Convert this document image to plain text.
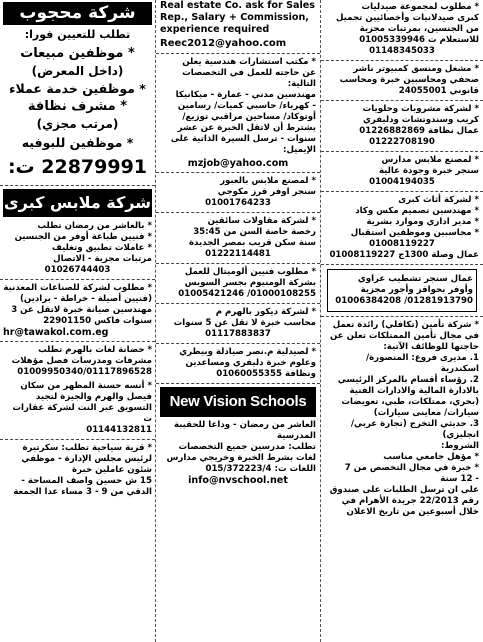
شركة محجوب
تطلب للتعيين فورا:
* موظفين مبيعات
(داخل المعرض)
* موظفين خدمة عملاء
* مشرف نظافة
(مرتب مجزي)
* موظفين للبوفيه
22879991 ت:
شركة ملابس كبرى

* بالعاشر من رمضان تطلب

* فنيين طباعة أوفر من الجنسين

* عاملات تطبيق وتغليف

مرتبات مجزية - الاتصال

01026744403

* مطلوب لشركة للصناعات المعدنية

(فنيين أصيلة - خراطة - برادين)

مهندسين صيانة خبرة لاتقل عن 3

سنوات فاكس 22901150

hr@tawakol.com.eg

* حضانة لغات بالهرم تطلب

مشرفات ومدرسات فصل مؤهلات

01009950340/01117896528

* أنسه حسنة المظهر من سكان

فيصل والهرم والجيزة لتجيد

التسويق عبر النت لشركة عقارات ت

01144132811

* قرية سياحية تطلب: سكرتيرة

لرئيس مجلس الإدارة - موظفي

شئون عاملين خبرة

15 ش حسين واصف المساحة -

الدقي من 9 - 3 مساء عدا الجمعة

Real estate Co. ask for Sales

Rep., Salary + Commission,

experience required

Reec2012@yahoo.com

* مكتب استشارات هندسية يعلن

عن حاجته للعمل في التخصصات

التالية:

مهندسين مدني - عمارة - ميكانيكا

- كهرباء/ حاسبي كميات/ رسامين

أوتوكاد/ مساحين مراقبي توزيع/

يشترط أن لاتقل الخبرة عن عشر

سنوات - ترسل السيرة الذاتية على

الإيميل:

mzjob@yahoo.com

* لمصنع ملابس بالعبور

سنجر اوفر قرز مكوجي

01001764233

* لشركة مقاولات سائقين

رخصة خاصة السن من 35:45

سنة سكن قريب بمصر الجديدة

01222114481

* مطلوب فنيين ألوميتال للعمل

بشركة الومنيوم بجسر السويس

01000108255/ 01005421246

* لشركة ديكور بالهرم م

محاسب خبرة لا تقل عن 5 سنوات

01117883837

* لصيدلية م.نصر صيادلة وبيطري

وعلوم خبرة دليفري ومساعدين

ونظافة 01060055355

New Vision Schools

العاشر من رمضان - وداعا للحقيبة

المدرسية

تطلب: مدرسين جميع التخصصات

لغات بشرط الخبرة وخريجي مدارس

اللغات ت: 015/372223/4

info@nvschool.net

* مطلوب لمجموعة صيدليات

كبرى صيدلانيات وأخصائيين تجميل

من الجنسين، بمرتبات مجزية

للاستعلام ت 01005339946

01148345033

* مشغل ومنسق كمبيوتر ناشر

صحفي ومحاسبين خبرة ومحاسب

قانوني 24055001

* لشركة مشروبات وحلويات

كريب وسندوتشات ودليفري

عمال نظافة 01226882869

01222708190

* لمصنع ملابس مدارس

سنجر خبرة وجودة عالية

01004194035

* لشركة أثاث كبرى

* مهندسين تصميم مكس وكاد

* مدير اداري وموارد بشرية

* محاسبين وموظفين استقبال

01008119227

عمال وصلة 1300ج 01008119227

عمال سنجر تشطيب عراوي

وأوفر بحوافز وأجور مجزية

01281913790/ 01006384208

* شركة تأمين (تكافلي) رائدة تعمل

في مجال تأمين الممتلكات تعلن عن

حاجتها للوظائف الآتية:

1. مديرى فروع: المنصورة/ اسكندرية

2. رؤساء أقسام بالمركز الرئيسي

بالادارة المالية والادارات الفنية

(بحري، ممتلكات، طبي، تعويضات

سيارات/ معاينى سيارات)

3. حديثي التخرج (تجارة عربي/ انجليزي)

الشروط:

* مؤهل جامعي مناسب

* خبرة في مجال التخصص من 7

- 12 سنة

على ان ترسل الطلبات على صندوق

رقم 22/2013 جريدة الأهرام في

خلال أسبوعين من تاريخ الاعلان
